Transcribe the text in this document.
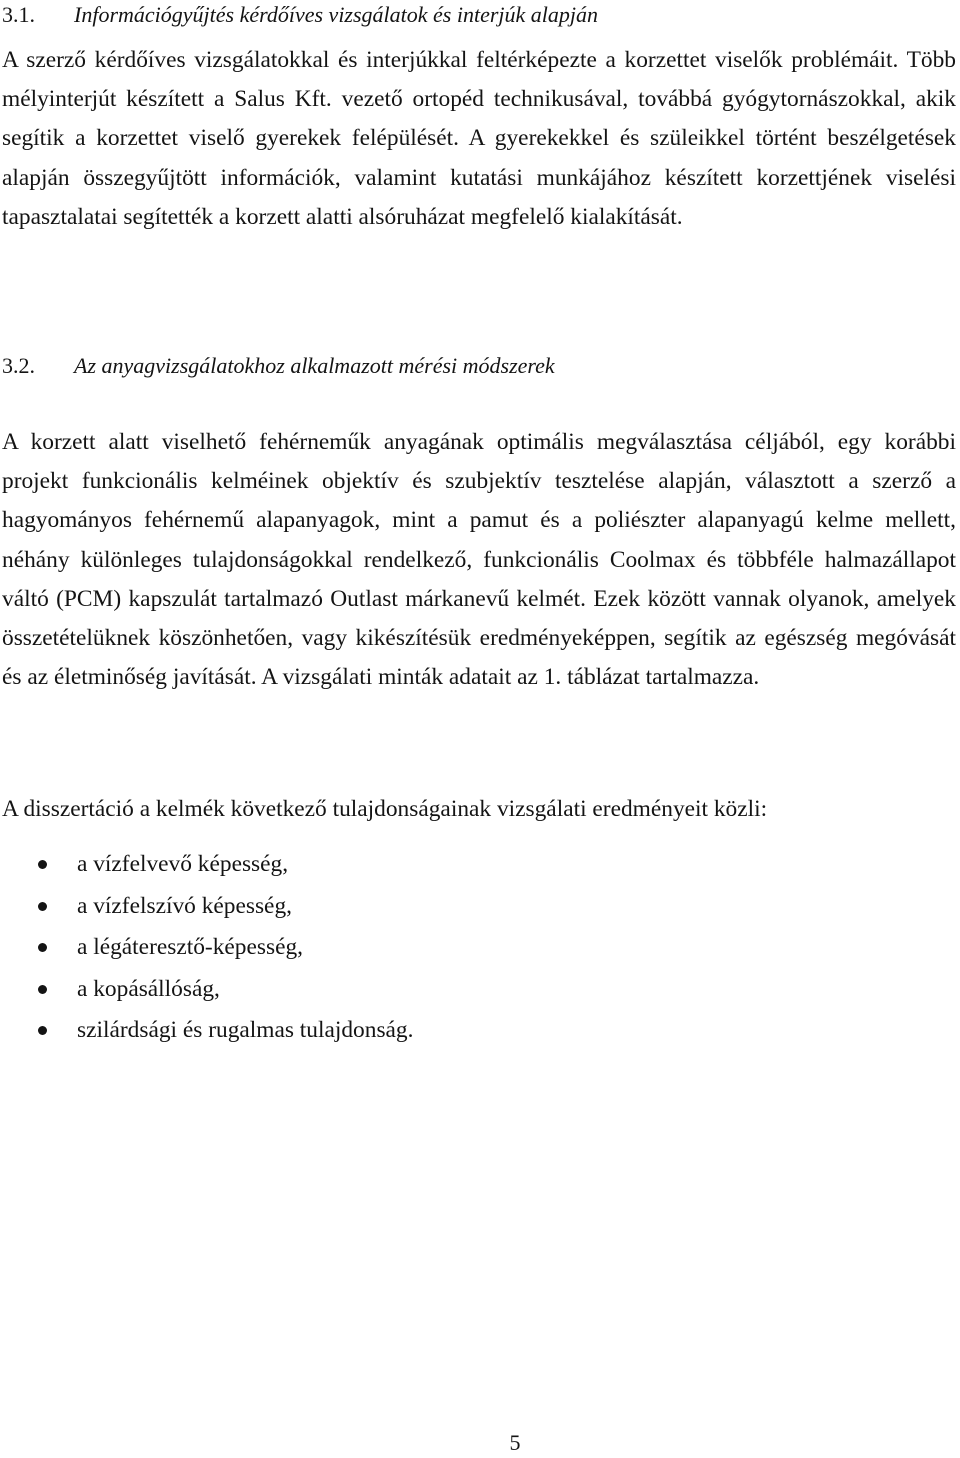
3.1. Információgyűjtés kérdőíves vizsgálatok és interjúk alapján

A szerző kérdőíves vizsgálatokkal és interjúkkal feltérképezte a korzettet viselők problémáit. Több mélyinterjút készített a Salus Kft. vezető ortopéd technikusával, továbbá gyógytornászokkal, akik segítik a korzettet viselő gyerekek felépülését. A gyerekekkel és szüleikkel történt beszélgetések alapján összegyűjtött információk, valamint kutatási munkájához készített korzettjének viselési tapasztalatai segítették a korzett alatti alsóruházat megfelelő kialakítását.

3.2. Az anyagvizsgálatokhoz alkalmazott mérési módszerek

A korzett alatt viselhető fehérneműk anyagának optimális megválasztása céljából, egy korábbi projekt funkcionális kelméinek objektív és szubjektív tesztelése alapján, választott a szerző a hagyományos fehérnemű alapanyagok, mint a pamut és a poliészter alapanyagú kelme mellett, néhány különleges tulajdonságokkal rendelkező, funkcionális Coolmax és többféle halmazállapot váltó (PCM) kapszulát tartalmazó Outlast márkanevű kelmét. Ezek között vannak olyanok, amelyek összetételüknek köszönhetően, vagy kikészítésük eredményeképpen, segítik az egészség megóvását és az életminőség javítását. A vizsgálati minták adatait az 1. táblázat tartalmazza.

A disszertáció a kelmék következő tulajdonságainak vizsgálati eredményeit közli:
a vízfelvevő képesség,
a vízfelszívó képesség,
a légáteresztő-képesség,
a kopásállóság,
szilárdsági és rugalmas tulajdonság.
5
